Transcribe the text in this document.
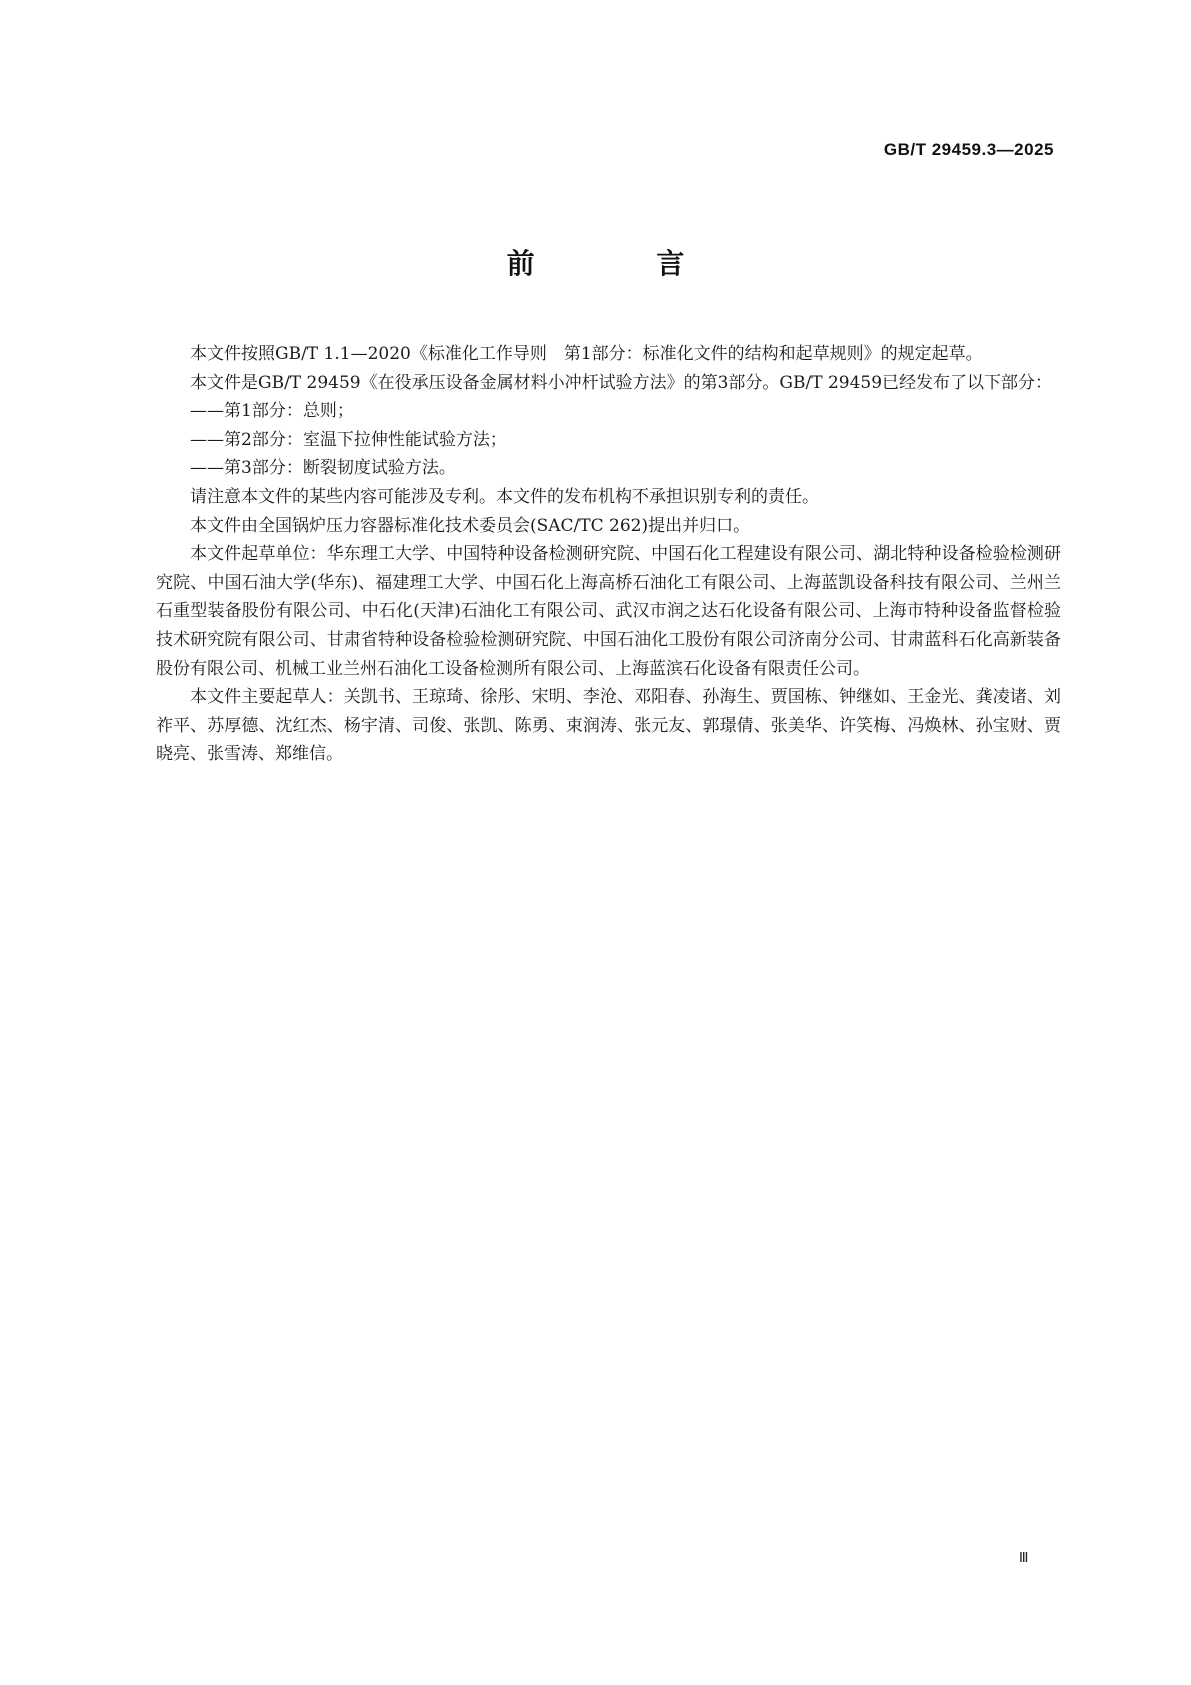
GB/T 29459.3—2025
前 言

本文件按照GB/T 1.1—2020《标准化工作导则　第1部分：标准化文件的结构和起草规则》的规定起草。

本文件是GB/T 29459《在役承压设备金属材料小冲杆试验方法》的第3部分。GB/T 29459已经发布了以下部分：

——第1部分：总则；

——第2部分：室温下拉伸性能试验方法；

——第3部分：断裂韧度试验方法。

请注意本文件的某些内容可能涉及专利。本文件的发布机构不承担识别专利的责任。

本文件由全国锅炉压力容器标准化技术委员会(SAC/TC 262)提出并归口。

本文件起草单位：华东理工大学、中国特种设备检测研究院、中国石化工程建设有限公司、湖北特种设备检验检测研究院、中国石油大学(华东)、福建理工大学、中国石化上海高桥石油化工有限公司、上海蓝凯设备科技有限公司、兰州兰石重型装备股份有限公司、中石化(天津)石油化工有限公司、武汉市润之达石化设备有限公司、上海市特种设备监督检验技术研究院有限公司、甘肃省特种设备检验检测研究院、中国石油化工股份有限公司济南分公司、甘肃蓝科石化高新装备股份有限公司、机械工业兰州石油化工设备检测所有限公司、上海蓝滨石化设备有限责任公司。

本文件主要起草人：关凯书、王琼琦、徐彤、宋明、李沧、邓阳春、孙海生、贾国栋、钟继如、王金光、龚凌诸、刘祚平、苏厚德、沈红杰、杨宇清、司俊、张凯、陈勇、束润涛、张元友、郭璟倩、张美华、许笑梅、冯焕林、孙宝财、贾晓亮、张雪涛、郑维信。

Ⅲ
